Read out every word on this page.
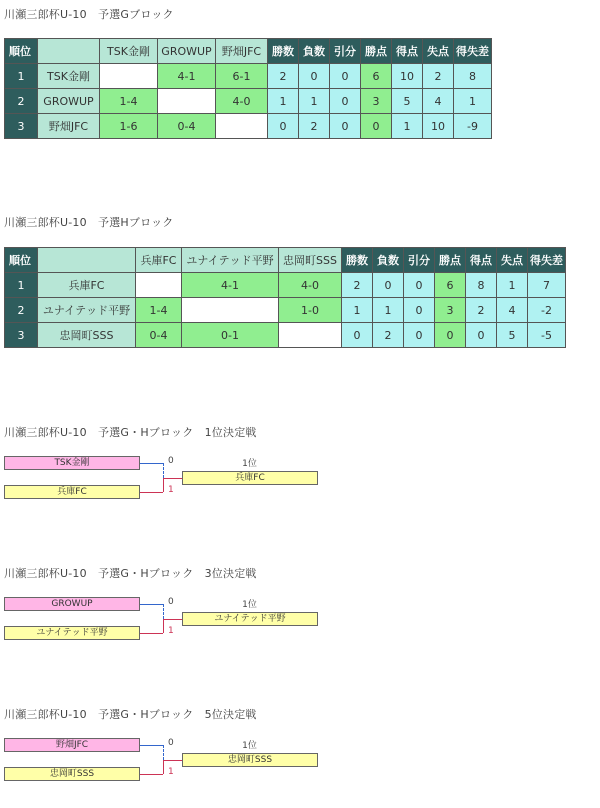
川瀬三郎杯U-10　予選Gブロック
順位		TSK金剛	GROWUP	野畑JFC	勝数	負数	引分	勝点	得点	失点	得失差
1	TSK金剛		4-1	6-1	2	0	0	6	10	2	8
2	GROWUP	1-4		4-0	1	1	0	3	5	4	1
3	野畑JFC	1-6	0-4		0	2	0	0	1	10	-9
川瀬三郎杯U-10　予選Hブロック
順位		兵庫FC	ユナイテッド平野	忠岡町SSS	勝数	負数	引分	勝点	得点	失点	得失差
1	兵庫FC		4-1	4-0	2	0	0	6	8	1	7
2	ユナイテッド平野	1-4		1-0	1	1	0	3	2	4	-2
3	忠岡町SSS	0-4	0-1		0	2	0	0	0	5	-5
川瀬三郎杯U-10　予選G・Hブロック　1位決定戦
TSK金剛
兵庫FC
0
1
1位
兵庫FC
川瀬三郎杯U-10　予選G・Hブロック　3位決定戦
GROWUP
ユナイテッド平野
0
1
1位
ユナイテッド平野
川瀬三郎杯U-10　予選G・Hブロック　5位決定戦
野畑JFC
忠岡町SSS
0
1
1位
忠岡町SSS
